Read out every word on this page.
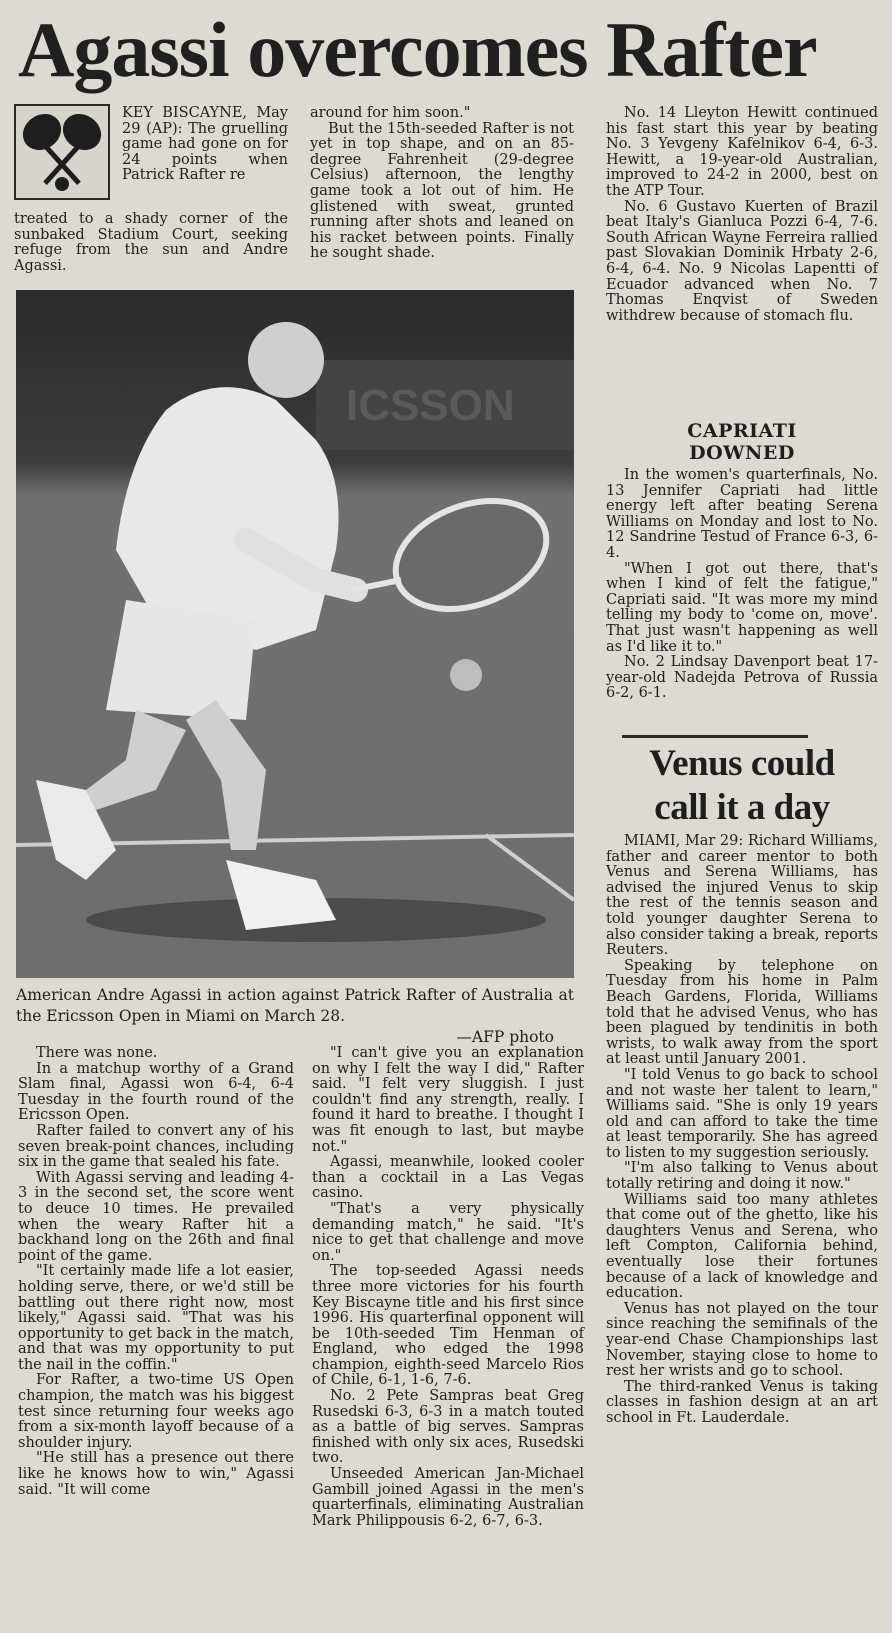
Agassi overcomes Rafter

KEY BISCAYNE, May 29 (AP): The gruelling game had gone on for 24 points when Patrick Rafter re

treated to a shady corner of the sunbaked Stadium Court, seeking refuge from the sun and Andre Agassi.

around for him soon."

But the 15th-seeded Rafter is not yet in top shape, and on an 85-degree Fahrenheit (29-degree Celsius) afternoon, the lengthy game took a lot out of him. He glistened with sweat, grunted running after shots and leaned on his racket between points. Finally he sought shade.

ICSSON
American Andre Agassi in action against Patrick Rafter of Australia at the Ericsson Open in Miami on March 28.
—AFP photo

There was none.

In a matchup worthy of a Grand Slam final, Agassi won 6-4, 6-4 Tuesday in the fourth round of the Ericsson Open.

Rafter failed to convert any of his seven break-point chances, including six in the game that sealed his fate.

With Agassi serving and leading 4-3 in the second set, the score went to deuce 10 times. He prevailed when the weary Rafter hit a backhand long on the 26th and final point of the game.

"It certainly made life a lot easier, holding serve, there, or we'd still be battling out there right now, most likely," Agassi said. "That was his opportunity to get back in the match, and that was my opportunity to put the nail in the coffin."

For Rafter, a two-time US Open champion, the match was his biggest test since returning four weeks ago from a six-month layoff because of a shoulder injury.

"He still has a presence out there like he knows how to win," Agassi said. "It will come

"I can't give you an explanation on why I felt the way I did," Rafter said. "I felt very sluggish. I just couldn't find any strength, really. I found it hard to breathe. I thought I was fit enough to last, but maybe not."

Agassi, meanwhile, looked cooler than a cocktail in a Las Vegas casino.

"That's a very physically demanding match," he said. "It's nice to get that challenge and move on."

The top-seeded Agassi needs three more victories for his fourth Key Biscayne title and his first since 1996. His quarterfinal opponent will be 10th-seeded Tim Henman of England, who edged the 1998 champion, eighth-seed Marcelo Rios of Chile, 6-1, 1-6, 7-6.

No. 2 Pete Sampras beat Greg Rusedski 6-3, 6-3 in a match touted as a battle of big serves. Sampras finished with only six aces, Rusedski two.

Unseeded American Jan-Michael Gambill joined Agassi in the men's quarterfinals, eliminating Australian Mark Philippousis 6-2, 6-7, 6-3.

No. 14 Lleyton Hewitt continued his fast start this year by beating No. 3 Yevgeny Kafelnikov 6-4, 6-3. Hewitt, a 19-year-old Australian, improved to 24-2 in 2000, best on the ATP Tour.

No. 6 Gustavo Kuerten of Brazil beat Italy's Gianluca Pozzi 6-4, 7-6. South African Wayne Ferreira rallied past Slovakian Dominik Hrbaty 2-6, 6-4, 6-4. No. 9 Nicolas Lapentti of Ecuador advanced when No. 7 Thomas Enqvist of Sweden withdrew because of stomach flu.

CAPRIATI
DOWNED

In the women's quarterfinals, No. 13 Jennifer Capriati had little energy left after beating Serena Williams on Monday and lost to No. 12 Sandrine Testud of France 6-3, 6-4.

"When I got out there, that's when I kind of felt the fatigue," Capriati said. "It was more my mind telling my body to 'come on, move'. That just wasn't happening as well as I'd like it to."

No. 2 Lindsay Davenport beat 17-year-old Nadejda Petrova of Russia 6-2, 6-1.

Venus could
call it a day

MIAMI, Mar 29: Richard Williams, father and career mentor to both Venus and Serena Williams, has advised the injured Venus to skip the rest of the tennis season and told younger daughter Serena to also consider taking a break, reports Reuters.

Speaking by telephone on Tuesday from his home in Palm Beach Gardens, Florida, Williams told that he advised Venus, who has been plagued by tendinitis in both wrists, to walk away from the sport at least until January 2001.

"I told Venus to go back to school and not waste her talent to learn," Williams said. "She is only 19 years old and can afford to take the time at least temporarily. She has agreed to listen to my suggestion seriously.

"I'm also talking to Venus about totally retiring and doing it now."

Williams said too many athletes that come out of the ghetto, like his daughters Venus and Serena, who left Compton, California behind, eventually lose their fortunes because of a lack of knowledge and education.

Venus has not played on the tour since reaching the semifinals of the year-end Chase Championships last November, staying close to home to rest her wrists and go to school.

The third-ranked Venus is taking classes in fashion design at an art school in Ft. Lauderdale.
